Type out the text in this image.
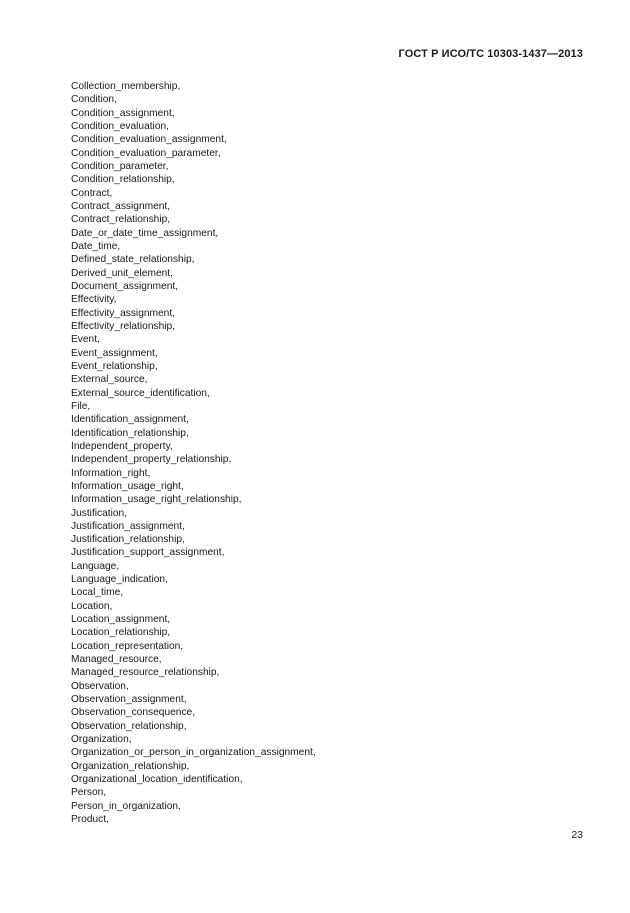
ГОСТ Р ИСО/ТС 10303-1437—2013
Collection_membership,
Condition,
Condition_assignment,
Condition_evaluation,
Condition_evaluation_assignment,
Condition_evaluation_parameter,
Condition_parameter,
Condition_relationship,
Contract,
Contract_assignment,
Contract_relationship,
Date_or_date_time_assignment,
Date_time,
Defined_state_relationship,
Derived_unit_element,
Document_assignment,
Effectivity,
Effectivity_assignment,
Effectivity_relationship,
Event,
Event_assignment,
Event_relationship,
External_source,
External_source_identification,
File,
Identification_assignment,
Identification_relationship,
Independent_property,
Independent_property_relationship,
Information_right,
Information_usage_right,
Information_usage_right_relationship,
Justification,
Justification_assignment,
Justification_relationship,
Justification_support_assignment,
Language,
Language_indication,
Local_time,
Location,
Location_assignment,
Location_relationship,
Location_representation,
Managed_resource,
Managed_resource_relationship,
Observation,
Observation_assignment,
Observation_consequence,
Observation_relationship,
Organization,
Organization_or_person_in_organization_assignment,
Organization_relationship,
Organizational_location_identification,
Person,
Person_in_organization,
Product,
23
